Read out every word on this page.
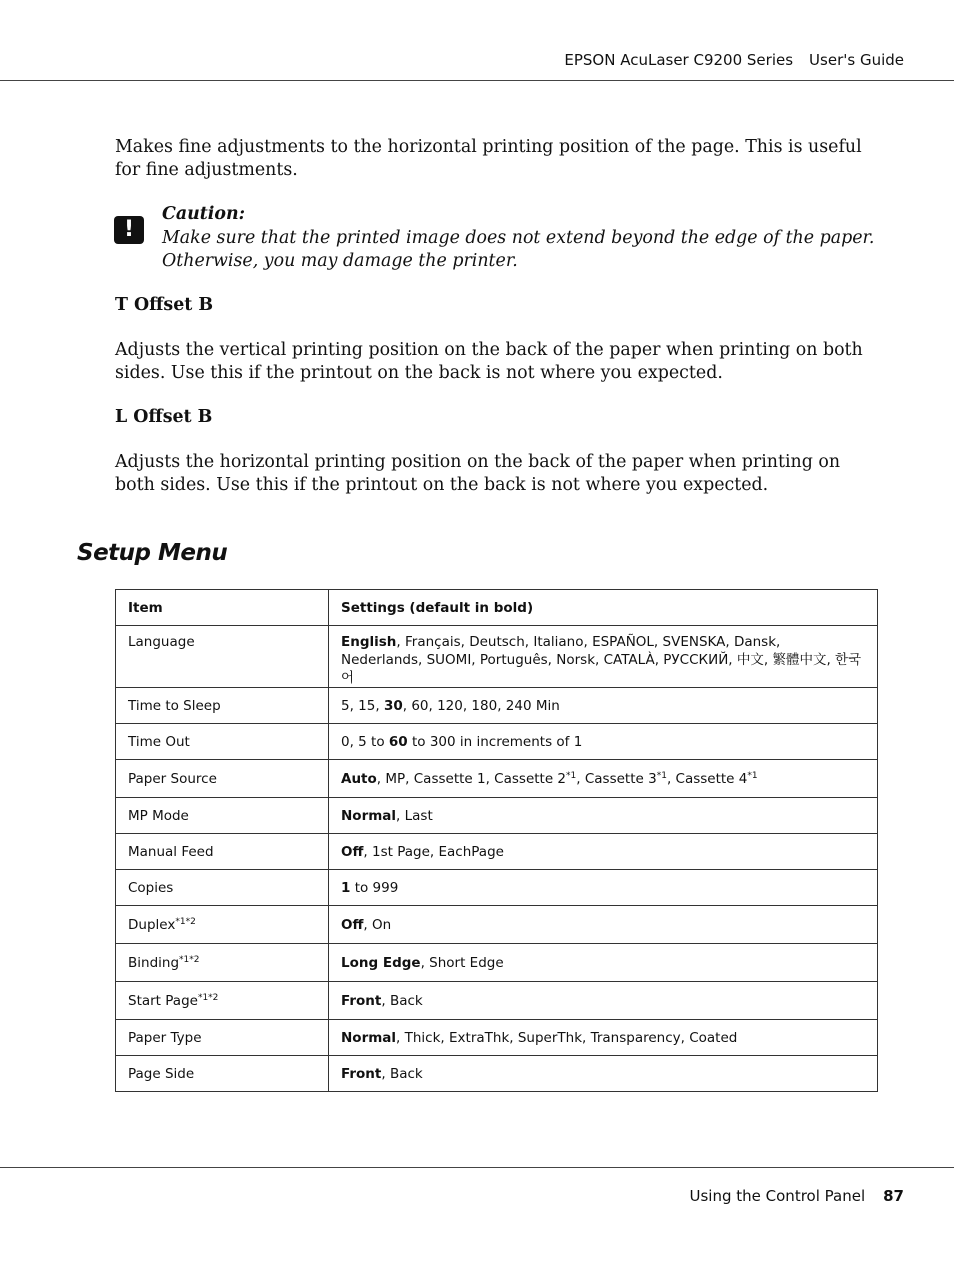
EPSON AcuLaser C9200 Series User's Guide

Makes fine adjustments to the horizontal printing position of the page. This is useful for fine adjustments.

!

Caution:

Make sure that the printed image does not extend beyond the edge of the paper. Otherwise, you may damage the printer.

T Offset B

Adjusts the vertical printing position on the back of the paper when printing on both sides. Use this if the printout on the back is not where you expected.

L Offset B

Adjusts the horizontal printing position on the back of the paper when printing on both sides. Use this if the printout on the back is not where you expected.

Setup Menu
Item	Settings (default in bold)
Language	English, Français, Deutsch, Italiano, ESPAÑOL, SVENSKA, Dansk, Nederlands, SUOMI, Português, Norsk, CATALÀ, РУССКИЙ, 中文, 繁體中文, 한국어
Time to Sleep	5, 15, 30, 60, 120, 180, 240 Min
Time Out	0, 5 to 60 to 300 in increments of 1
Paper Source	Auto, MP, Cassette 1, Cassette 2$^{*1}$, Cassette 3$^{*1}$, Cassette 4$^{*1}$
MP Mode	Normal, Last
Manual Feed	Off, 1st Page, EachPage
Copies	1 to 999
Duplex$^{*1*2}$	Off, On
Binding$^{*1*2}$	Long Edge, Short Edge
Start Page$^{*1*2}$	Front, Back
Paper Type	Normal, Thick, ExtraThk, SuperThk, Transparency, Coated
Page Side	Front, Back
Using the Control Panel 87
